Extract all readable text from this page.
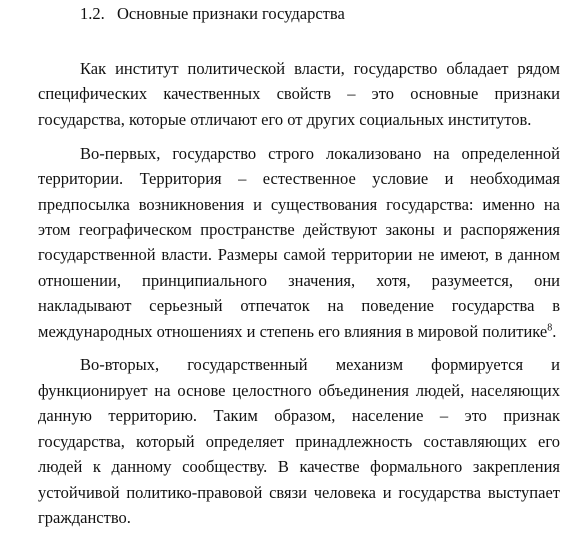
1.2. Основные признаки государства

Как институт политической власти, государство обладает рядом специфических качественных свойств – это основные признаки государства, которые отличают его от других социальных институтов.

Во-первых, государство строго локализовано на определенной территории. Территория – естественное условие и необходимая предпосылка возникновения и существования государства: именно на этом географическом пространстве действуют законы и распоряжения государственной власти. Размеры самой территории не имеют, в данном отношении, принципиального значения, хотя, разумеется, они накладывают серьезный отпечаток на поведение государства в международных отношениях и степень его влияния в мировой политике$^8$.

Во-вторых, государственный механизм формируется и функционирует на основе целостного объединения людей, населяющих данную территорию. Таким образом, население – это признак государства, который определяет принадлежность составляющих его людей к данному сообществу. В качестве формального закрепления устойчивой политико-правовой связи человека и государства выступает гражданство.
